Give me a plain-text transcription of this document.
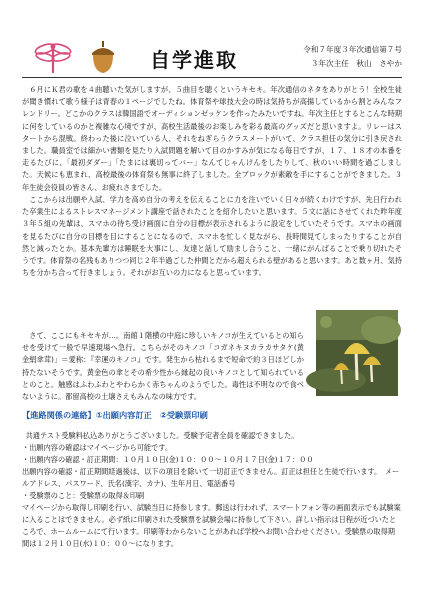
自学進取	令和７年度３年次通信第７号
３年次主任　秋山　さやか

６月にＫ君の歌を４曲聴いた気がしますが、５曲目を聴くというキセキ。年次通信のネタをありがとう！全校生徒が聞き慣れて歌う様子は青春の１ページでしたね。体育祭や球技大会の時は気持ちが高揚しているから割とみんなフレンドリー。どこかのクラスは韓国語でオーディションゼッケンを作ったみたいですね。年次主任とするとこんな時期に何をしているのかと複雑な心境ですが、高校生活最後のお楽しみを彩る最高のグッズだと思いますよ。リレーはスタートから混戦。終わった後に泣いている人、それをねぎらうクラスメートがいて、クラス担任の気分に引き戻されました。職員室では細かい書類を見たり入試問題を解いて目のかすみが気になる毎日ですが、１７、１８才の本番を走るたびに、「最初ダダー」「たまには裏切ってバー」なんてじゃんけんをしたりして、秋のいい時間を過ごしました。天候にも恵まれ、高校最後の体育祭も無事に終了しました。全ブロックが素敵を手にすることができました。３年生徒会役員の皆さん、お疲れさまでした。

ここからは出願や入試、学力を高め自分の考えを伝えることに力を注いでいく日々が続くわけですが、先日行われた卒業生によるストレスマネージメント講座で話されたことを紹介したいと思います。５文に話にさせてくれた昨年度３年５組の先輩は、スマホの待ち受け画面に自分の目標が表示されるように設定をしていたそうです。スマホの画面を見るたびに自分の目標を目にすることになるので、スマホを忙しく見ながら、長時間見てしまったりすることが自然と減ったとか。基本先輩方は睡眠を大事にし、友達と話して励まし合うこと、一緒にがんばることで乗り切れたそうです。体育祭の名残もありつつ同じ２年半過ごした仲間とだから超えられる壁があると思います。あと数ヶ月、気持ちを分かち合って行きましょう。それがお互いの力になると思っています。

さて、ここにもキセキが…。南館１階横の中庭に珍しいキノコが生えているとの知らせを受けて一般で早速現場へ急行。こちらがそのキノコ「コガネキヌカラカサタケ(黄金絹傘茸)」＝愛称：『幸運のキノコ』です。発生から枯れるまで短命で約３日ほどしか持たないそうです。黄金色の傘とその希少性から縁起の良いキノコとして知られているとのこと。触感はふわふわとやわらかく赤ちゃんのようでした。毒性は不明なので食べないように。都留高校の土壌さえもみんなの味方です。

【進路関係の連絡】①出願内容訂正　②受験票印刷
共通テスト受験料払込ありがとうございました。受験予定者全員を確認できました。
・出願内容の確認はマイページから可能です。
・出願内容の確認・訂正期間：１０月１０日(金)１０：００〜１０月１７日(金)１７：００
出願内容の確認・訂正期間経過後は、以下の項目を除いて一切訂正できません。訂正は担任と生徒で行います。　メールアドレス、パスワード、氏名(漢字、カナ)、生年月日、電話番号
・受験票のこと：受験票の取得＆印刷
マイページから取得し印刷を行い、試験当日に持参します。郵送は行われず、スマートフォン等の画面表示でも試験案に入ることはできません。必ず紙に印刷された受験票を試験会場に持参して下さい。詳しい指示は日程が近づいたところで、ホームルームにて行います。印刷等わからないことがあれば学校へお問い合わせください。受験票の取得期間は１２月１０日(水)１０：００〜になります。
